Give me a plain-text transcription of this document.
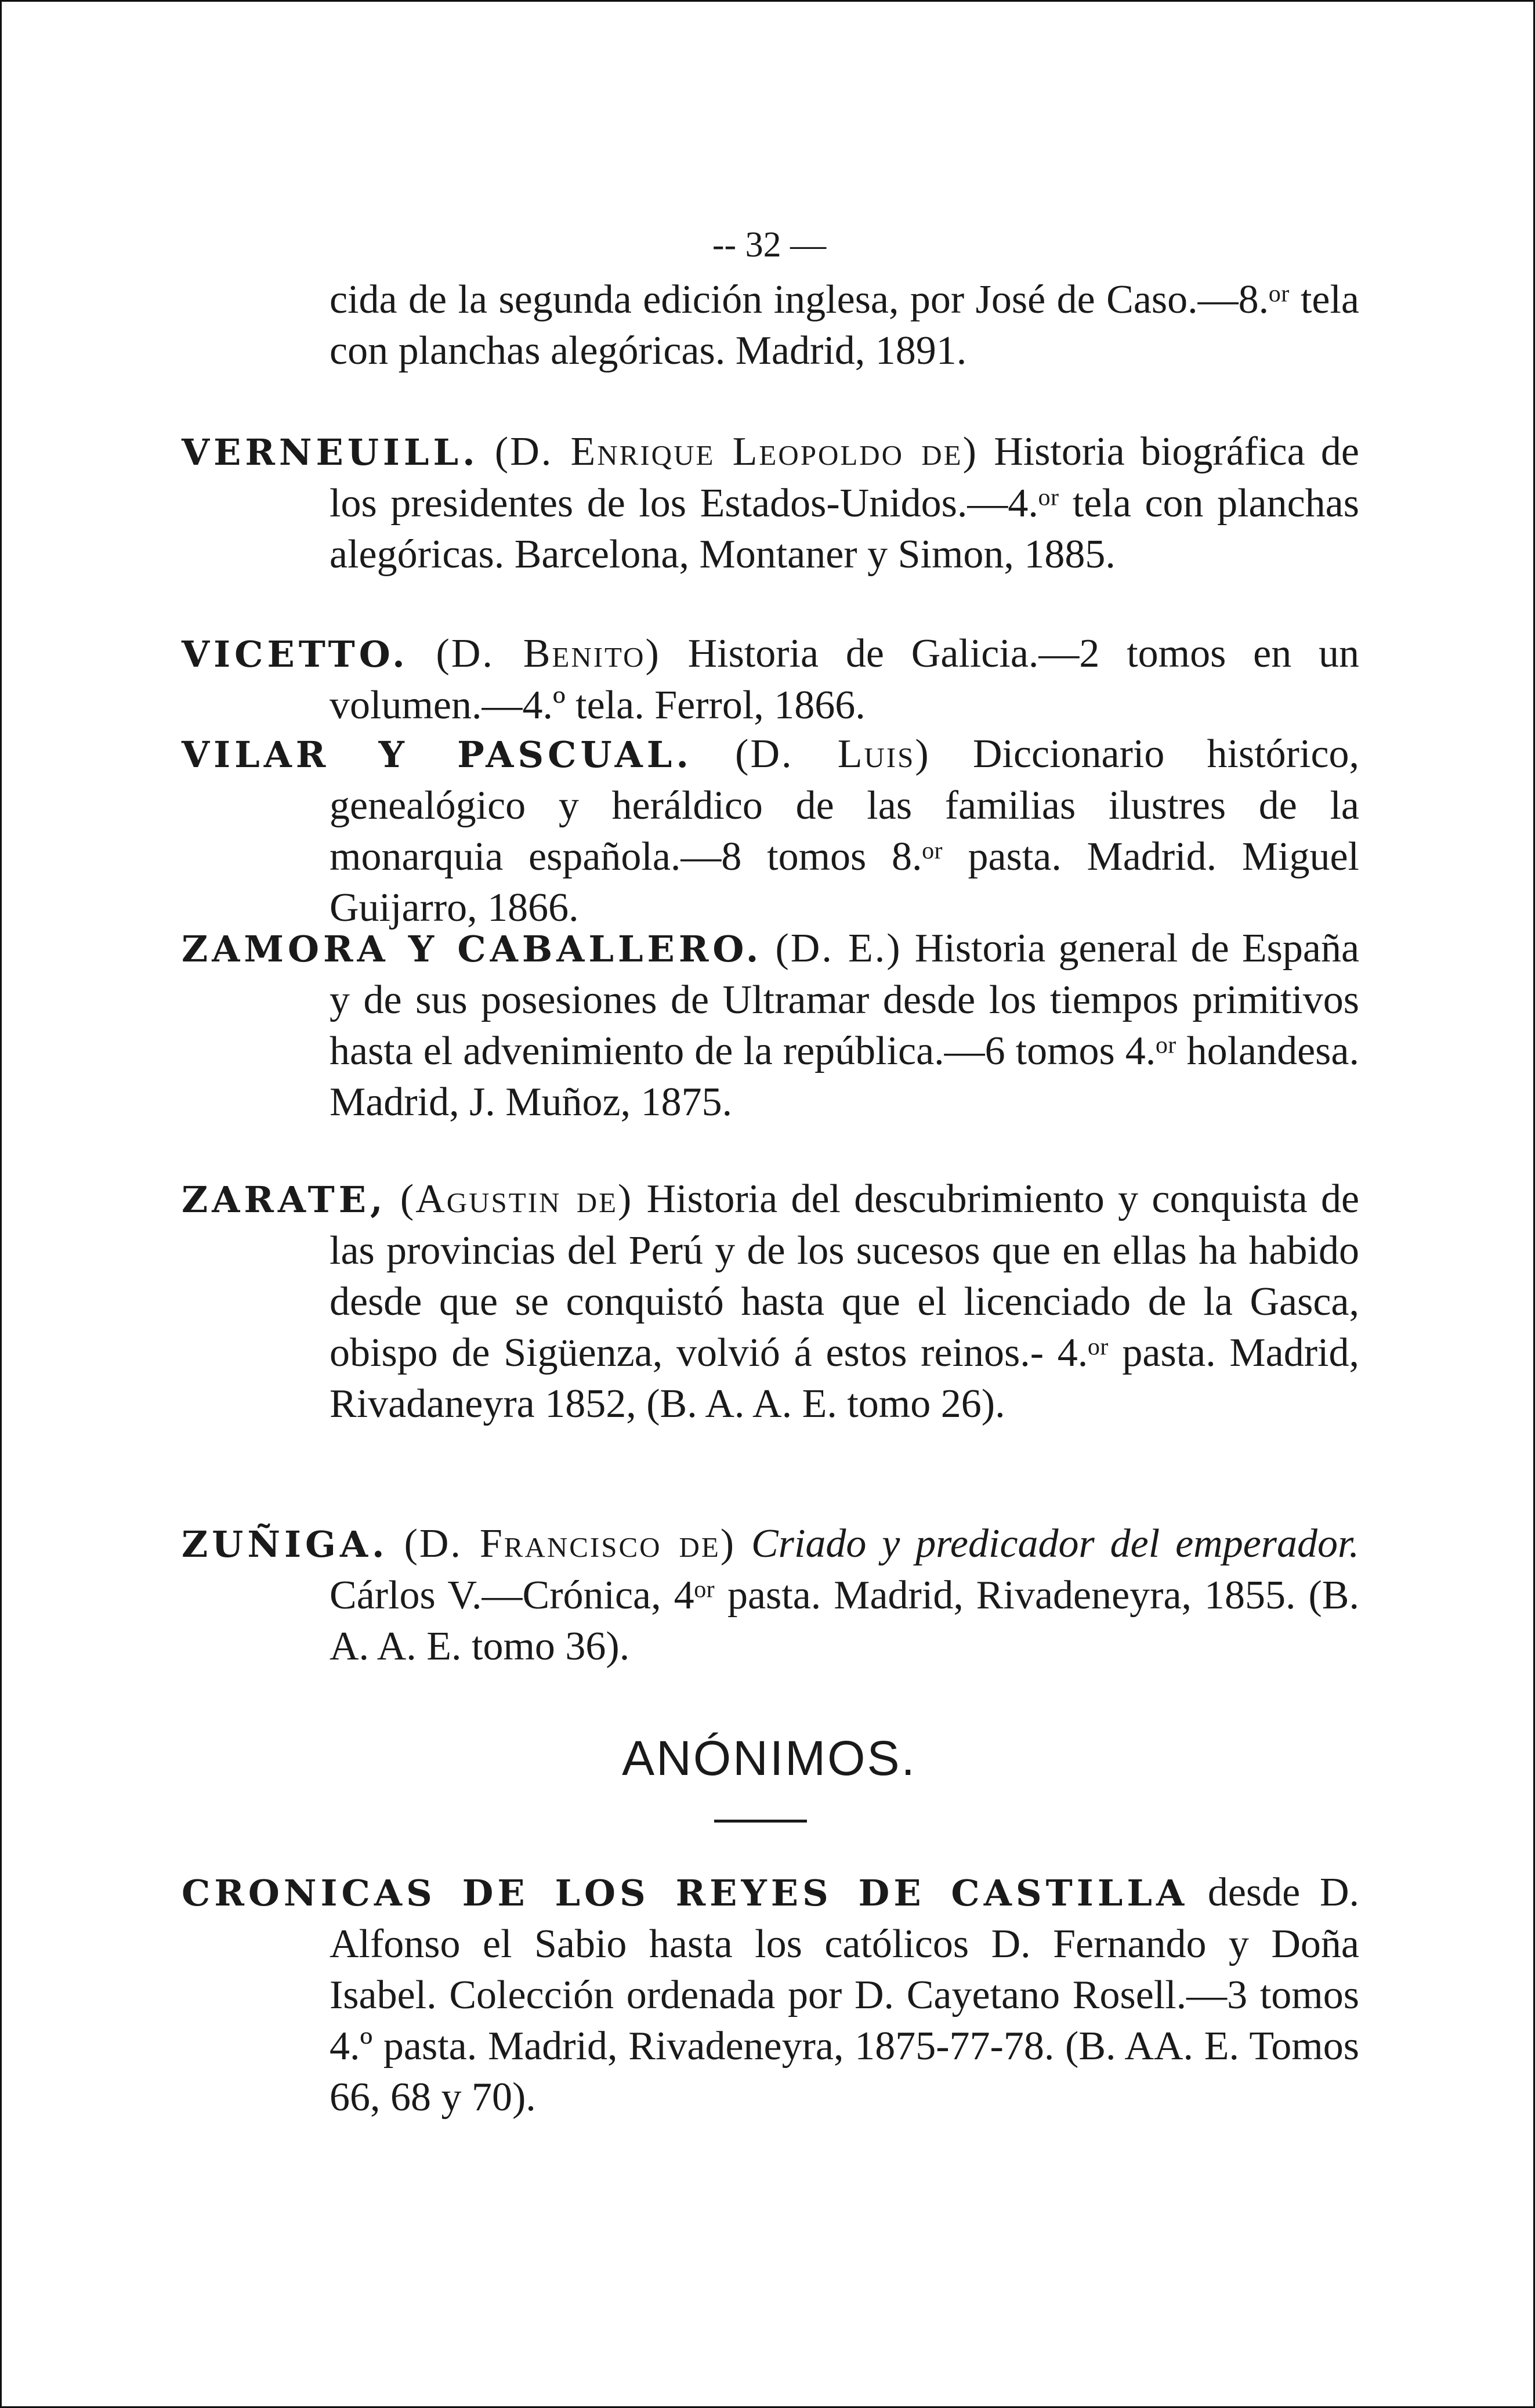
-- 32 —
cida de la segunda edición inglesa, por José de Caso.—8.ᵒʳ tela con planchas alegóricas. Madrid, 1891.
VERNEUILL. (D. Enrique Leopoldo de) Historia biográfica de los presidentes de los Estados-Unidos.—4.ᵒʳ tela con planchas alegóricas. Barcelona, Montaner y Simon, 1885.
VICETTO. (D. Benito) Historia de Galicia.—2 tomos en un volumen.—4.º tela. Ferrol, 1866.
VILAR Y PASCUAL. (D. Luis) Diccionario histórico, genealógico y heráldico de las familias ilustres de la monarquia española.—8 tomos 8.ᵒʳ pasta. Madrid. Miguel Guijarro, 1866.
ZAMORA Y CABALLERO. (D. E.) Historia general de España y de sus posesiones de Ultramar desde los tiempos primitivos hasta el advenimiento de la república.—6 tomos 4.ᵒʳ holandesa. Madrid, J. Muñoz, 1875.
ZARATE, (Agustin de) Historia del descubrimiento y conquista de las provincias del Perú y de los sucesos que en ellas ha habido desde que se conquistó hasta que el licenciado de la Gasca, obispo de Sigüenza, volvió á estos reinos.- 4.ᵒʳ pasta. Madrid, Rivadaneyra 1852, (B. A. A. E. tomo 26).
ZUÑIGA. (D. Francisco de) Criado y predicador del emperador. Cárlos V.—Crónica, 4ᵒʳ pasta. Madrid, Rivadeneyra, 1855. (B. A. A. E. tomo 36).
ANÓNIMOS.
CRONICAS DE LOS REYES DE CASTILLA desde D. Alfonso el Sabio hasta los católicos D. Fernando y Doña Isabel. Colección ordenada por D. Cayetano Rosell.—3 tomos 4.º pasta. Madrid, Rivadeneyra, 1875-77-78. (B. AA. E. Tomos 66, 68 y 70).
